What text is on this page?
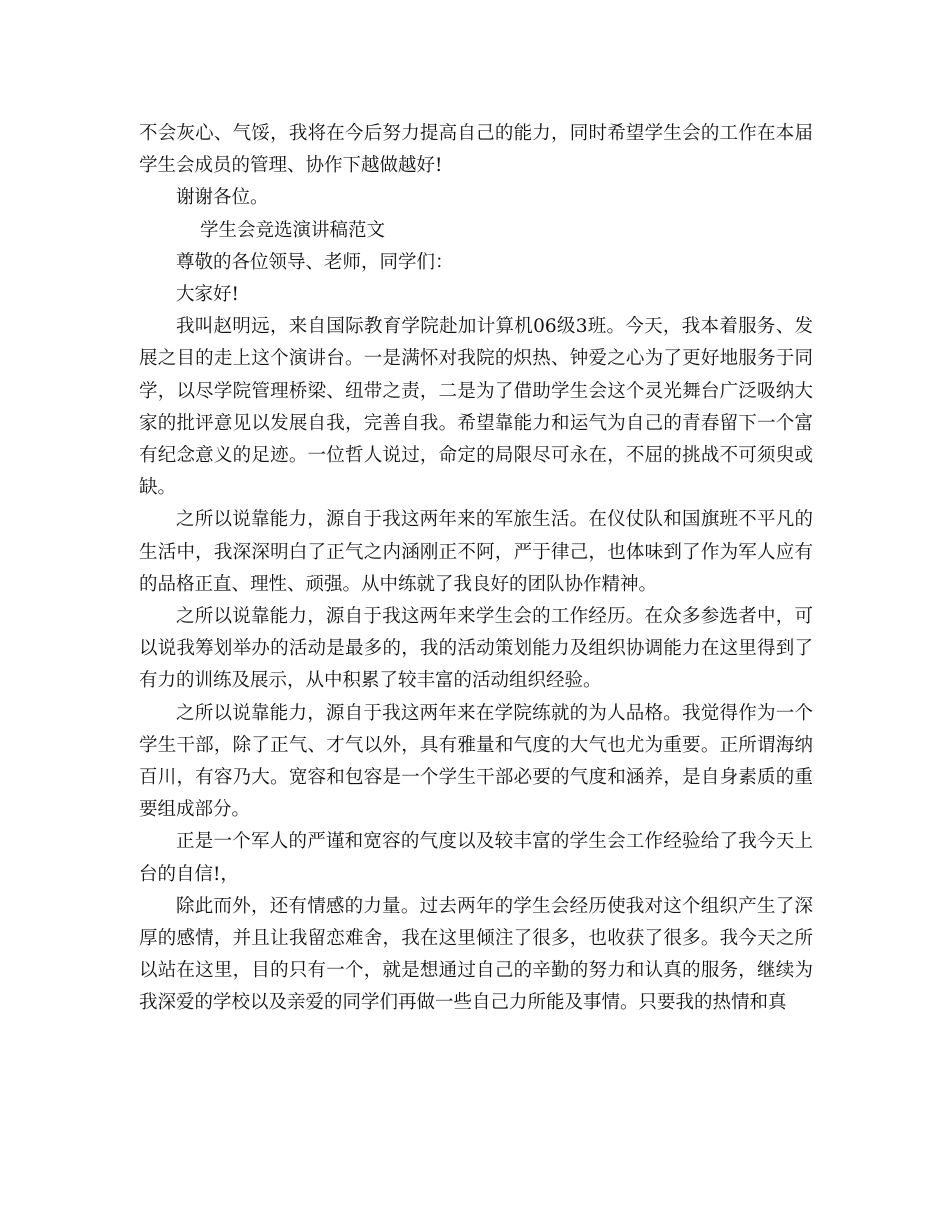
不会灰心、气馁，我将在今后努力提高自己的能力，同时希望学生会的工作在本届学生会成员的管理、协作下越做越好!

谢谢各位。

学生会竞选演讲稿范文

尊敬的各位领导、老师，同学们：

大家好!

我叫赵明远，来自国际教育学院赴加计算机06级3班。今天，我本着服务、发展之目的走上这个演讲台。一是满怀对我院的炽热、钟爱之心为了更好地服务于同学，以尽学院管理桥梁、纽带之责，二是为了借助学生会这个灵光舞台广泛吸纳大家的批评意见以发展自我，完善自我。希望靠能力和运气为自己的青春留下一个富有纪念意义的足迹。一位哲人说过，命定的局限尽可永在，不屈的挑战不可须臾或缺。

之所以说靠能力，源自于我这两年来的军旅生活。在仪仗队和国旗班不平凡的生活中，我深深明白了正气之内涵刚正不阿，严于律己，也体味到了作为军人应有的品格正直、理性、顽强。从中练就了我良好的团队协作精神。

之所以说靠能力，源自于我这两年来学生会的工作经历。在众多参选者中，可以说我筹划举办的活动是最多的，我的活动策划能力及组织协调能力在这里得到了有力的训练及展示，从中积累了较丰富的活动组织经验。

之所以说靠能力，源自于我这两年来在学院练就的为人品格。我觉得作为一个学生干部，除了正气、才气以外，具有雅量和气度的大气也尤为重要。正所谓海纳百川，有容乃大。宽容和包容是一个学生干部必要的气度和涵养，是自身素质的重要组成部分。

正是一个军人的严谨和宽容的气度以及较丰富的学生会工作经验给了我今天上台的自信!，

除此而外，还有情感的力量。过去两年的学生会经历使我对这个组织产生了深厚的感情，并且让我留恋难舍，我在这里倾注了很多，也收获了很多。我今天之所以站在这里，目的只有一个，就是想通过自己的辛勤的努力和认真的服务，继续为我深爱的学校以及亲爱的同学们再做一些自己力所能及事情。只要我的热情和真
